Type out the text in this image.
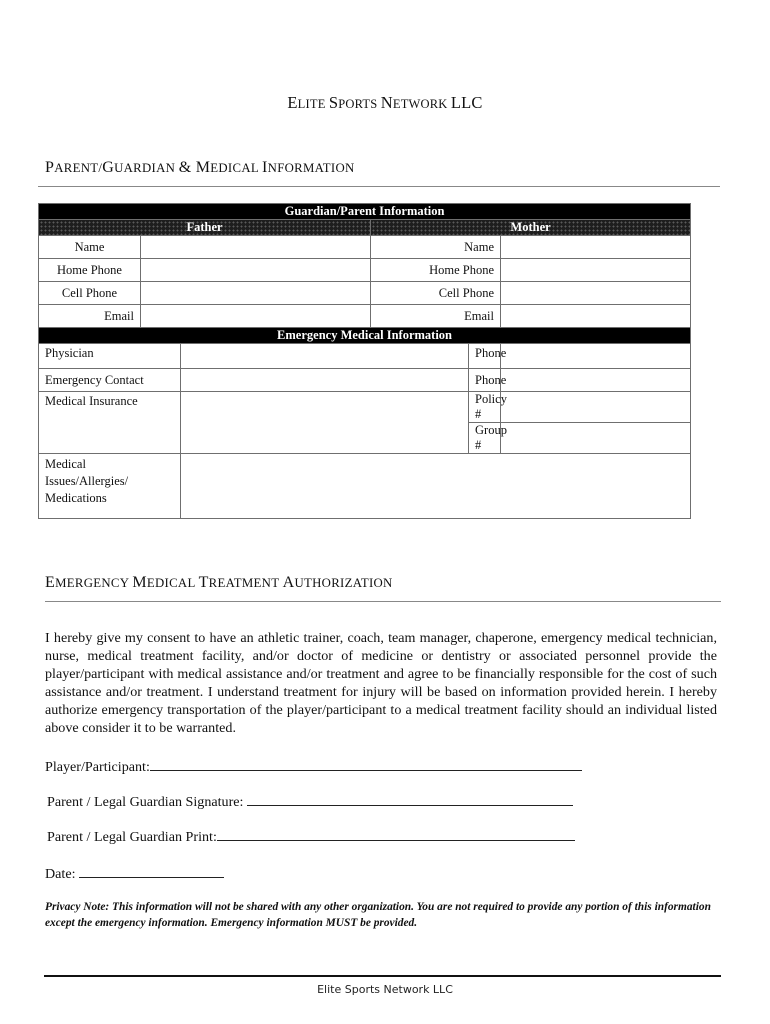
ELITE SPORTS NETWORK LLC
PARENT/GUARDIAN & MEDICAL INFORMATION
Guardian/Parent Information					
Father			Mother		
Name			Name		
Home Phone			Home Phone		
Cell Phone			Cell Phone		
Email			Email		
Emergency Medical Information					
Physician				Phone	
Emergency Contact				Phone	
Medical Insurance				Policy #	
				Group #	
Medical Issues/Allergies/ Medications					
EMERGENCY MEDICAL TREATMENT AUTHORIZATION
I hereby give my consent to have an athletic trainer, coach, team manager, chaperone, emergency medical technician, nurse, medical treatment facility, and/or doctor of medicine or dentistry or associated personnel provide the player/participant with medical assistance and/or treatment and agree to be financially responsible for the cost of such assistance and/or treatment. I understand treatment for injury will be based on information provided herein. I hereby authorize emergency transportation of the player/participant to a medical treatment facility should an individual listed above consider it to be warranted.
Player/Participant:
Parent / Legal Guardian Signature:
Parent / Legal Guardian Print:
Date:
Privacy Note: This information will not be shared with any other organization. You are not required to provide any portion of this information except the emergency information. Emergency information MUST be provided.
Elite Sports Network LLC
